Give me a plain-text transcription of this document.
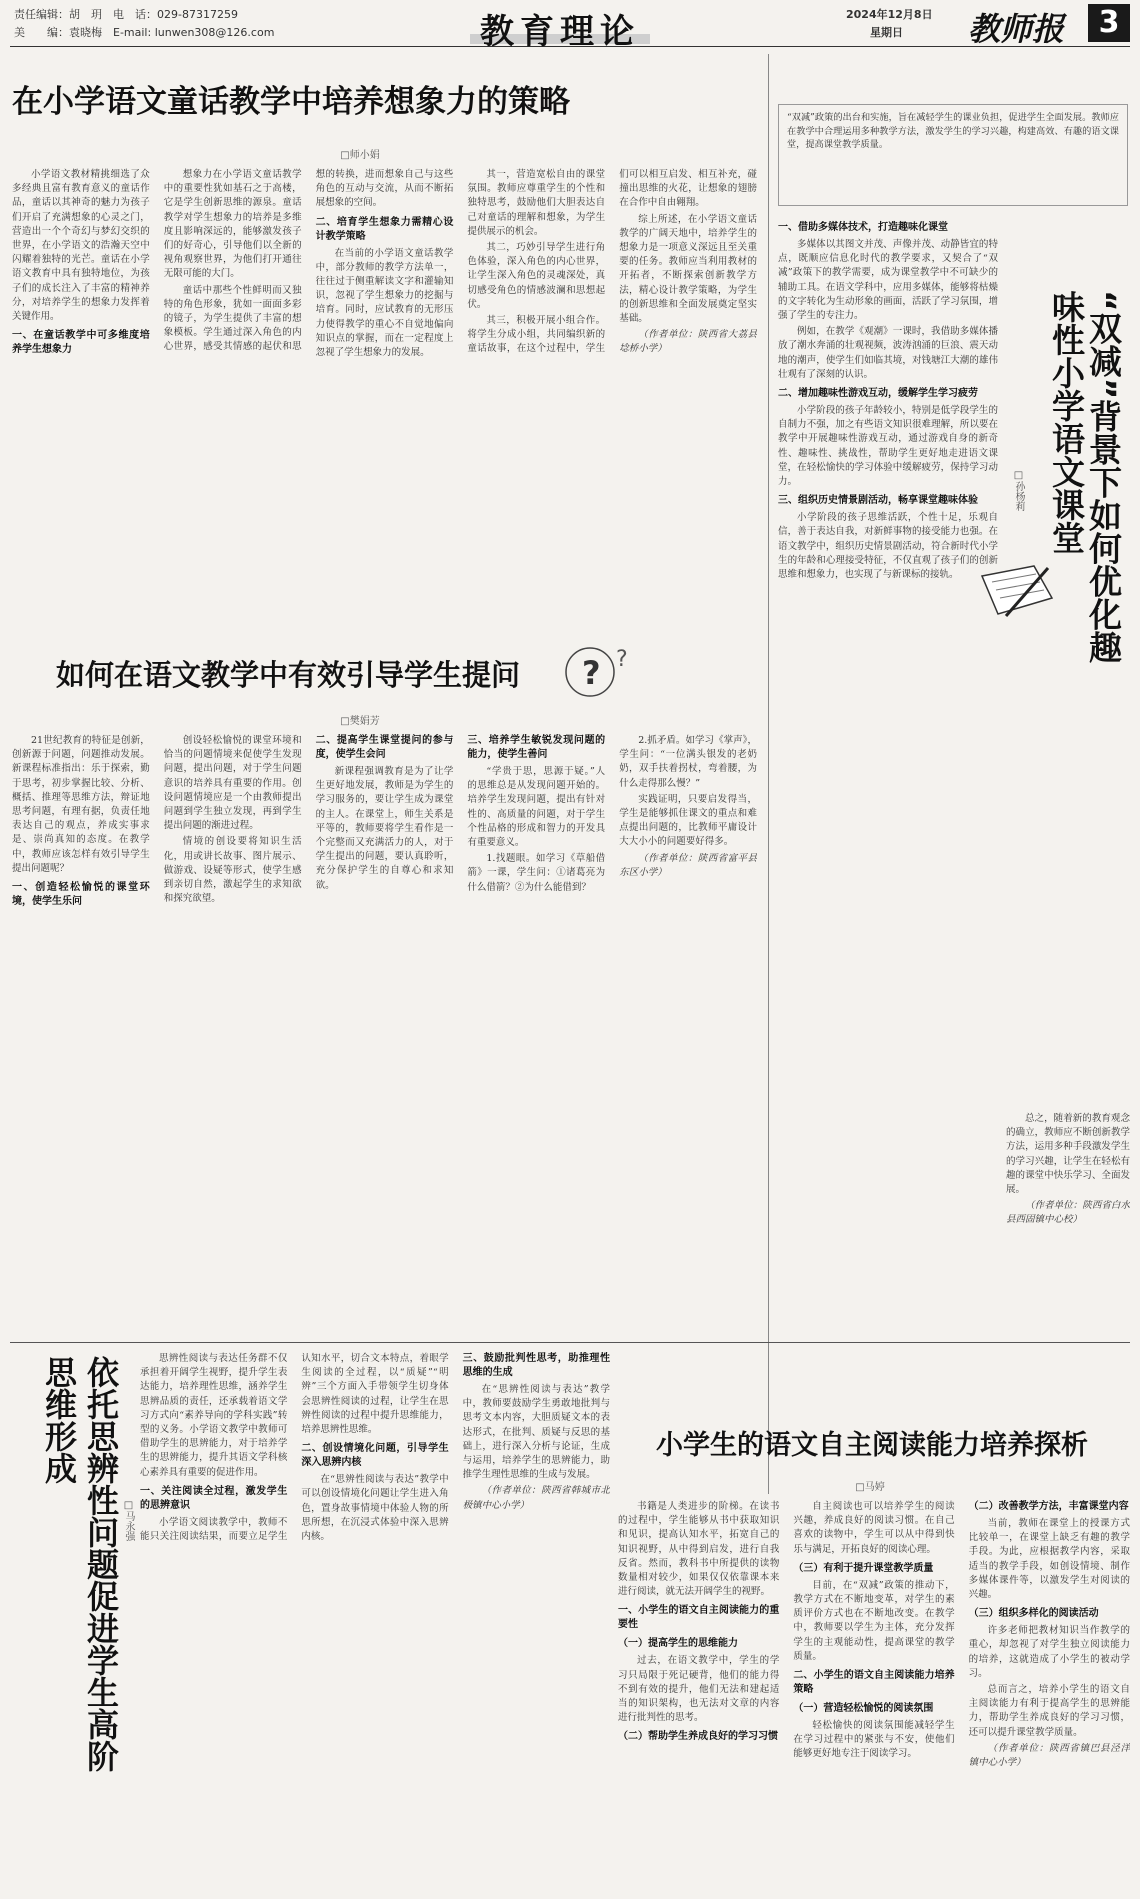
责任编辑：胡　玥　电　话：029-87317259
美　　编：袁晓梅　E-mail: lunwen308@126.com	教育理论	2024年12月8日
星期日	教师报	3
在小学语文童话教学中培养想象力的策略
□师小娟

小学语文教材精挑细选了众多经典且富有教育意义的童话作品，童话以其神奇的魅力为孩子们开启了充满想象的心灵之门，营造出一个个奇幻与梦幻交织的世界，在小学语文的浩瀚天空中闪耀着独特的光芒。童话在小学语文教育中具有独特地位，为孩子们的成长注入了丰富的精神养分，对培养学生的想象力发挥着关键作用。

一、在童话教学中可多维度培养学生想象力

想象力在小学语文童话教学中的重要性犹如基石之于高楼，它是学生创新思维的源泉。童话教学对学生想象力的培养是多维度且影响深远的，能够激发孩子们的好奇心，引导他们以全新的视角观察世界，为他们打开通往无限可能的大门。

童话中那些个性鲜明而又独特的角色形象，犹如一面面多彩的镜子，为学生提供了丰富的想象模板。学生通过深入角色的内心世界，感受其情感的起伏和思想的转换，进而想象自己与这些角色的互动与交流，从而不断拓展想象的空间。

二、培育学生想象力需精心设计教学策略

在当前的小学语文童话教学中，部分教师的教学方法单一，往往过于侧重解读文字和灌输知识，忽视了学生想象力的挖掘与培育。同时，应试教育的无形压力使得教学的重心不自觉地偏向知识点的掌握，而在一定程度上忽视了学生想象力的发展。

其一，营造宽松自由的课堂氛围。教师应尊重学生的个性和独特思考，鼓励他们大胆表达自己对童话的理解和想象，为学生提供展示的机会。

其二，巧妙引导学生进行角色体验，深入角色的内心世界，让学生深入角色的灵魂深处，真切感受角色的情感波澜和思想起伏。

其三，积极开展小组合作。将学生分成小组，共同编织新的童话故事，在这个过程中，学生们可以相互启发、相互补充，碰撞出思维的火花，让想象的翅膀在合作中自由翱翔。

综上所述，在小学语文童话教学的广阔天地中，培养学生的想象力是一项意义深远且至关重要的任务。教师应当利用教材的开拓者，不断探索创新教学方法，精心设计教学策略，为学生的创新思维和全面发展奠定坚实基础。

（作者单位：陕西省大荔县埝桥小学）

“双减”政策的出台和实施，旨在减轻学生的课业负担，促进学生全面发展。教师应在教学中合理运用多种教学方法，激发学生的学习兴趣，构建高效、有趣的语文课堂，提高课堂教学质量。
“双减”背景下如何优化趣味性小学语文课堂
□孙杨莉
一、借助多媒体技术，打造趣味化课堂

多媒体以其图文并茂、声像并茂、动静皆宜的特点，既顺应信息化时代的教学要求，又契合了“双减”政策下的教学需要，成为课堂教学中不可缺少的辅助工具。在语文学科中，应用多媒体，能够将枯燥的文字转化为生动形象的画面，活跃了学习氛围，增强了学生的专注力。

例如，在教学《观潮》一课时，我借助多媒体播放了潮水奔涌的壮观视频，波涛汹涌的巨浪、震天动地的潮声，使学生们如临其境，对钱塘江大潮的雄伟壮观有了深刻的认识。

二、增加趣味性游戏互动，缓解学生学习疲劳

小学阶段的孩子年龄较小，特别是低学段学生的自制力不强，加之有些语文知识很难理解，所以要在教学中开展趣味性游戏互动，通过游戏自身的新奇性、趣味性、挑战性，帮助学生更好地走进语文课堂，在轻松愉快的学习体验中缓解疲劳，保持学习动力。

三、组织历史情景剧活动，畅享课堂趣味体验

小学阶段的孩子思维活跃，个性十足，乐观自信，善于表达自我，对新鲜事物的接受能力也强。在语文教学中，组织历史情景剧活动，符合新时代小学生的年龄和心理接受特征，不仅直观了孩子们的创新思维和想象力，也实现了与新课标的接轨。

总之，随着新的教育观念的确立，教师应不断创新教学方法，运用多种手段激发学生的学习兴趣，让学生在轻松有趣的课堂中快乐学习、全面发展。

（作者单位：陕西省白水县西固镇中心校）

? ?
如何在语文教学中有效引导学生提问
□樊娟芳

21世纪教育的特征是创新，创新源于问题，问题推动发展。新课程标准指出：乐于探索，勤于思考，初步掌握比较、分析、概括、推理等思维方法，辩证地思考问题，有理有据，负责任地表达自己的观点，养成实事求是、崇尚真知的态度。在教学中，教师应该怎样有效引导学生提出问题呢？

一、创造轻松愉悦的课堂环境，使学生乐问

创设轻松愉悦的课堂环境和恰当的问题情境来促使学生发现问题，提出问题，对于学生问题意识的培养具有重要的作用。创设问题情境应是一个由教师提出问题到学生独立发现，再到学生提出问题的渐进过程。

情境的创设要将知识生活化，用或讲长故事、图片展示、做游戏、设疑等形式，使学生感到亲切自然，激起学生的求知欲和探究欲望。

二、提高学生课堂提问的参与度，使学生会问

新课程强调教育是为了让学生更好地发展，教师是为学生的学习服务的，要让学生成为课堂的主人。在课堂上，师生关系是平等的，教师要将学生看作是一个完整而又充满活力的人，对于学生提出的问题，要认真聆听，充分保护学生的自尊心和求知欲。

三、培养学生敏锐发现问题的能力，使学生善问

“学贵于思，思源于疑。”人的思维总是从发现问题开始的。培养学生发现问题，提出有针对性的、高质量的问题，对于学生个性品格的形成和智力的开发具有重要意义。

1.找题眼。如学习《草船借箭》一课，学生问：①诸葛亮为什么借箭？②为什么能借到？

2.抓矛盾。如学习《掌声》，学生问：“一位满头银发的老奶奶，双手扶着拐杖，弯着腰，为什么走得那么慢？”

实践证明，只要启发得当，学生是能够抓住课文的重点和难点提出问题的，比教师平庸设计大大小小的问题要好得多。

（作者单位：陕西省富平县东区小学）

依托思辨性问题促进学生高阶思维形成
□马永强

思辨性阅读与表达任务群不仅承担着开阔学生视野，提升学生表达能力，培养理性思维，涵养学生思辨品质的责任，还承载着语文学习方式向“素养导向的学科实践”转型的义务。小学语文教学中教师可借助学生的思辨能力，对于培养学生的思辨能力，提升其语文学科核心素养具有重要的促进作用。

一、关注阅读全过程，激发学生的思辨意识

小学语文阅读教学中，教师不能只关注阅读结果，而要立足学生认知水平，切合文本特点，着眼学生阅读的全过程，以“质疑”“明辨”三个方面入手带领学生切身体会思辨性阅读的过程，让学生在思辨性阅读的过程中提升思维能力，培养思辨性思维。

二、创设情境化问题，引导学生深入思辨内核

在“思辨性阅读与表达”教学中可以创设情境化问题让学生进入角色，置身故事情境中体验人物的所思所想，在沉浸式体验中深入思辨内核。

三、鼓励批判性思考，助推理性思维的生成

在“思辨性阅读与表达”教学中，教师要鼓励学生勇敢地批判与思考文本内容，大胆质疑文本的表达形式，在批判、质疑与反思的基础上，进行深入分析与论证，生成与运用，培养学生的思辨能力，助推学生理性思维的生成与发展。

（作者单位：陕西省韩城市北极镇中心小学）

小学生的语文自主阅读能力培养探析
□马婷

书籍是人类进步的阶梯。在读书的过程中，学生能够从书中获取知识和见识，提高认知水平，拓宽自己的知识视野，从中得到启发，进行自我反省。然而，教科书中所提供的读物数量相对较少，如果仅仅依靠课本来进行阅读，就无法开阔学生的视野。

一、小学生的语文自主阅读能力的重要性
（一）提高学生的思维能力

过去，在语文教学中，学生的学习只局限于死记硬背，他们的能力得不到有效的提升，他们无法和建起适当的知识架构，也无法对文章的内容进行批判性的思考。

（二）帮助学生养成良好的学习习惯

自主阅读也可以培养学生的阅读兴趣，养成良好的阅读习惯。在自己喜欢的读物中，学生可以从中得到快乐与满足，开拓良好的阅读心理。

（三）有利于提升课堂教学质量

目前，在“双减”政策的推动下，教学方式在不断地变革，对学生的素质评价方式也在不断地改变。在教学中，教师要以学生为主体，充分发挥学生的主观能动性，提高课堂的教学质量。

二、小学生的语文自主阅读能力培养策略
（一）营造轻松愉悦的阅读氛围

轻松愉快的阅读氛围能减轻学生在学习过程中的紧张与不安，使他们能够更好地专注于阅读学习。

（二）改善教学方法，丰富课堂内容

当前，教师在课堂上的授课方式比较单一，在课堂上缺乏有趣的教学手段。为此，应根据教学内容，采取适当的教学手段，如创设情境、制作多媒体课件等，以激发学生对阅读的兴趣。

（三）组织多样化的阅读活动

许多老师把教材知识当作教学的重心，却忽视了对学生独立阅读能力的培养，这就造成了小学生的被动学习。

总而言之，培养小学生的语文自主阅读能力有利于提高学生的思辨能力，帮助学生养成良好的学习习惯，还可以提升课堂教学质量。

（作者单位：陕西省镇巴县泾洋镇中心小学）
